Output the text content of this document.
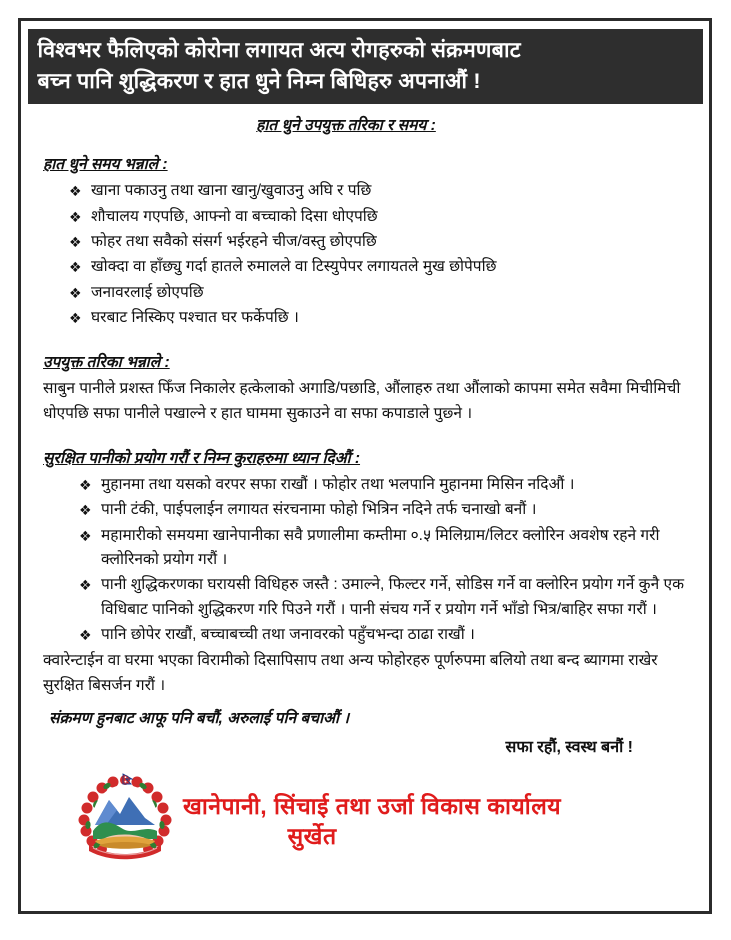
विश्वभर फैलिएको कोरोना लगायत अत्य रोगहरुको संक्रमणबाट
बच्न पानि शुद्धिकरण र हात धुने निम्न बिधिहरु अपनाऔं !
हात धुने उपयुक्त तरिका र समय :
हात धुने समय भन्नाले :
❖ खाना पकाउनु तथा खाना खानु/खुवाउनु अघि र पछि
❖ शौचालय गएपछि, आफ्नो वा बच्चाको दिसा धोएपछि
❖ फोहर तथा सवैको संसर्ग भईरहने चीज/वस्तु छोएपछि
❖ खोक्दा वा हाँछ्यु गर्दा हातले रुमालले वा टिस्युपेपर लगायतले मुख छोपेपछि
❖ जनावरलाई छोएपछि
❖ घरबाट निस्किए पश्चात घर फर्केपछि ।
उपयुक्त तरिका भन्नाले :
साबुन पानीले प्रशस्त फिँज निकालेर हत्केलाको अगाडि/पछाडि, औंलाहरु तथा औंलाको कापमा समेत सवैमा मिचीमिची धोएपछि सफा पानीले पखाल्ने र हात घाममा सुकाउने वा सफा कपाडाले पुछ्ने ।
सुरक्षित पानीको प्रयोग गरौं र निम्न कुराहरुमा ध्यान दिऔं :
❖ मुहानमा तथा यसको वरपर सफा राखौं । फोहोर तथा भलपानि मुहानमा मिसिन नदिऔं ।
❖ पानी टंकी, पाईपलाईन लगायत संरचनामा फोहो भित्रिन नदिने तर्फ चनाखो बनौं ।
❖ महामारीको समयमा खानेपानीका सवै प्रणालीमा कम्तीमा ०.५ मिलिग्राम/लिटर क्लोरिन अवशेष रहने गरी क्लोरिनको प्रयोग गरौं ।
❖ पानी शुद्धिकरणका घरायसी विधिहरु जस्तै : उमाल्ने, फिल्टर गर्ने, सोडिस गर्ने वा क्लोरिन प्रयोग गर्ने कुनै एक विधिबाट पानिको शुद्धिकरण गरि पिउने गरौं । पानी संचय गर्ने र प्रयोग गर्ने भाँडो भित्र/बाहिर सफा गरौं ।
❖ पानि छोपेर राखौं, बच्चाबच्ची तथा जनावरको पहुँचभन्दा ठाढा राखौं ।
क्वारेन्टाईन वा घरमा भएका विरामीको दिसापिसाप तथा अन्य फोहोरहरु पूर्णरुपमा बलियो तथा बन्द ब्यागमा राखेर सुरक्षित बिसर्जन गरौं ।
संक्रमण हुनबाट आफू पनि बचौं, अरुलाई पनि बचाऔं ।
सफा रहौं, स्वस्थ बनौं !
खानेपानी, सिंचाई तथा उर्जा विकास कार्यालय
सुर्खेत
